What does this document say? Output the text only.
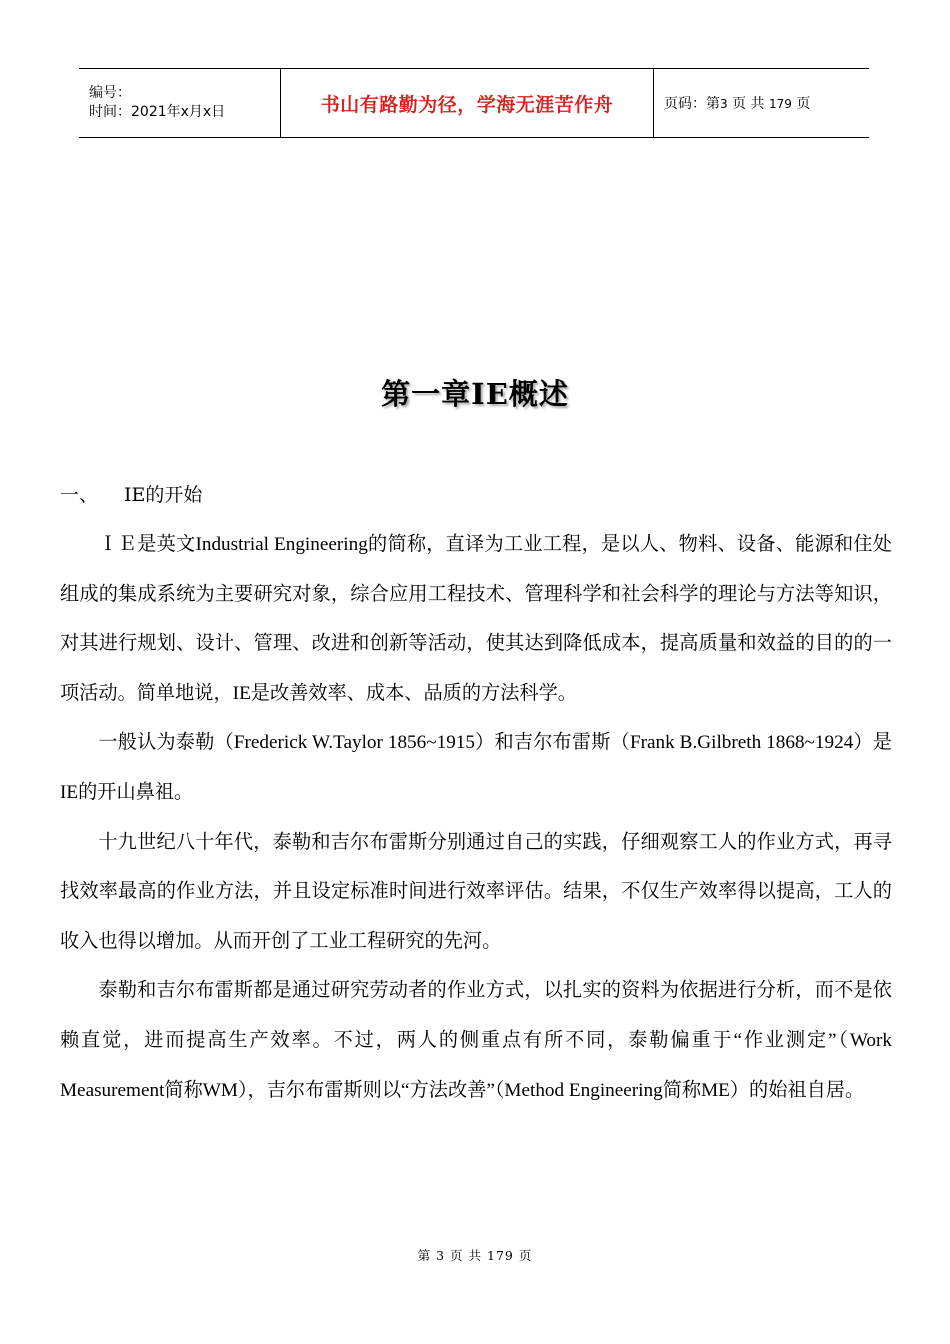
编号：
时间：2021年x月x日	书山有路勤为径，学海无涯苦作舟	页码：第3 页 共 179 页
第一章IE概述
一、 IE的开始

ＩＥ是英文Industrial Engineering的简称，直译为工业工程，是以人、物料、设备、能源和住处组成的集成系统为主要研究对象，综合应用工程技术、管理科学和社会科学的理论与方法等知识，对其进行规划、设计、管理、改进和创新等活动，使其达到降低成本，提高质量和效益的目的的一项活动。简单地说，IE是改善效率、成本、品质的方法科学。

一般认为泰勒（Frederick W.Taylor 1856~1915）和吉尔布雷斯（Frank B.Gilbreth 1868~1924）是IE的开山鼻祖。

十九世纪八十年代，泰勒和吉尔布雷斯分别通过自己的实践，仔细观察工人的作业方式，再寻找效率最高的作业方法，并且设定标准时间进行效率评估。结果，不仅生产效率得以提高，工人的收入也得以增加。从而开创了工业工程研究的先河。

泰勒和吉尔布雷斯都是通过研究劳动者的作业方式，以扎实的资料为依据进行分析，而不是依赖直觉，进而提高生产效率。不过，两人的侧重点有所不同，泰勒偏重于“作业测定”（Work Measurement简称WM），吉尔布雷斯则以“方法改善”（Method Engineering简称ME）的始祖自居。

第 3 页 共 179 页
